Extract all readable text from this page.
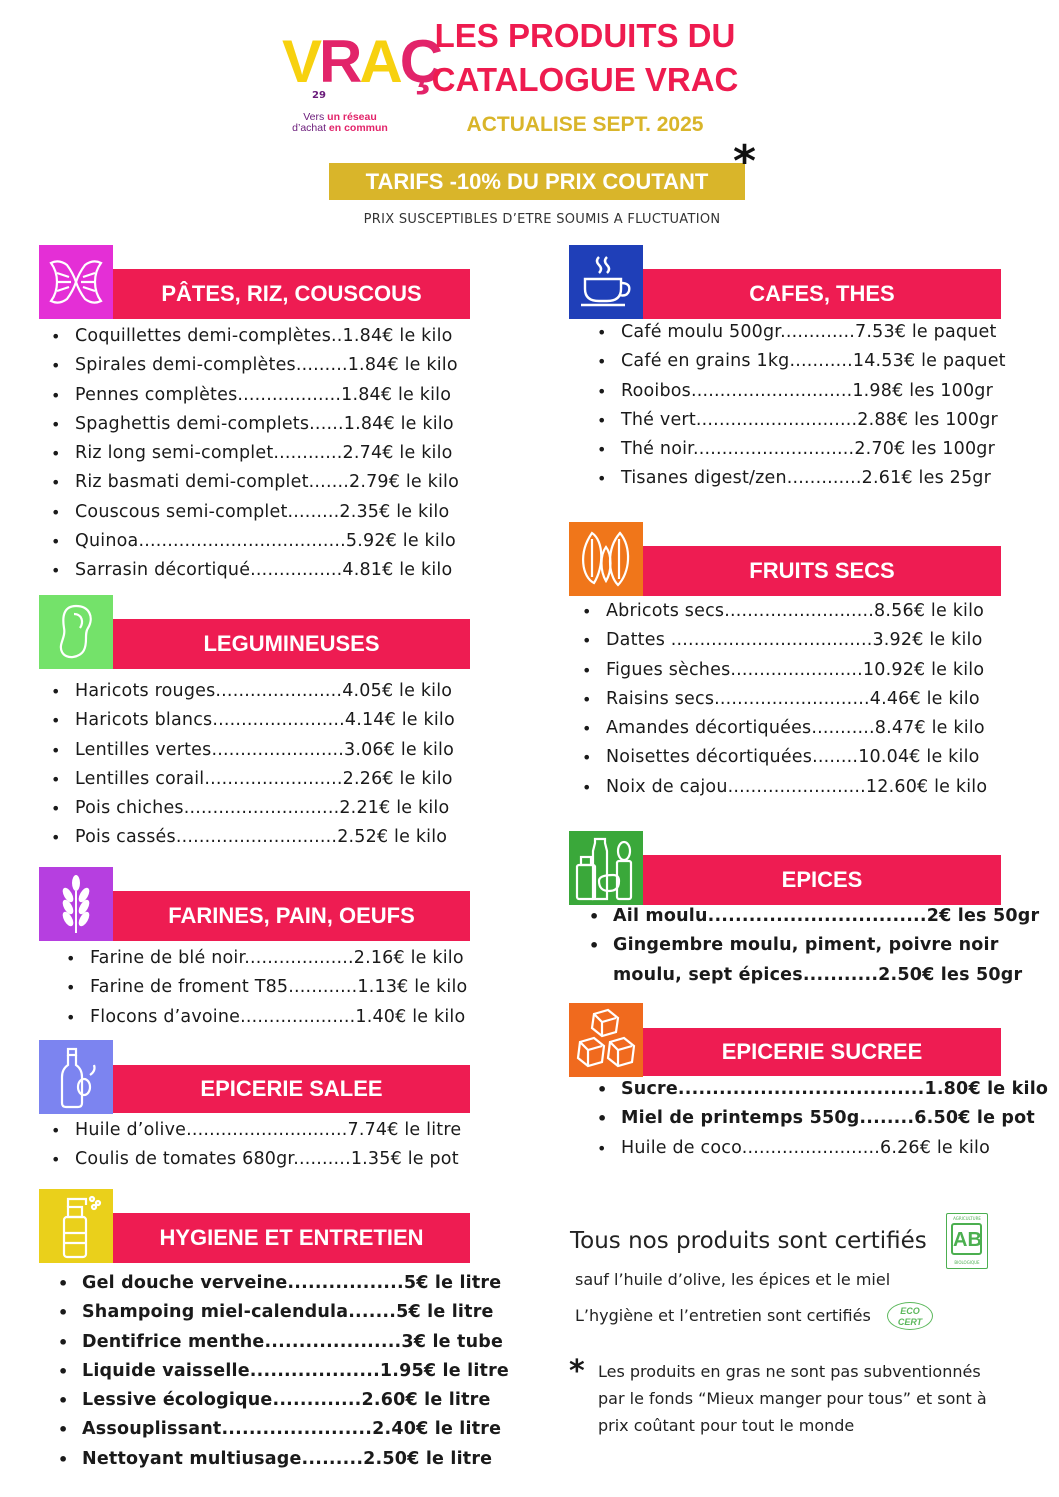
VRAÇ
29
Vers un réseau
d’achat en commun
LES PRODUITS DU
CATALOGUE VRAC
ACTUALISE SEPT. 2025
TARIFS -10% DU PRIX COUTANT *
PRIX SUSCEPTIBLES D’ETRE SOUMIS A FLUCTUATION
PÂTES, RIZ, COUSCOUS
• Coquillettes demi-complètes..1.84€ le kilo
• Spirales demi-complètes.........1.84€ le kilo
• Pennes complètes..................1.84€ le kilo
• Spaghettis demi-complets......1.84€ le kilo
• Riz long semi-complet............2.74€ le kilo
• Riz basmati demi-complet.......2.79€ le kilo
• Couscous semi-complet.........2.35€ le kilo
• Quinoa....................................5.92€ le kilo
• Sarrasin décortiqué................4.81€ le kilo
LEGUMINEUSES
• Haricots rouges......................4.05€ le kilo
• Haricots blancs.......................4.14€ le kilo
• Lentilles vertes.......................3.06€ le kilo
• Lentilles corail........................2.26€ le kilo
• Pois chiches...........................2.21€ le kilo
• Pois cassés............................2.52€ le kilo
FARINES, PAIN, OEUFS
• Farine de blé noir...................2.16€ le kilo
• Farine de froment T85............1.13€ le kilo
• Flocons d’avoine....................1.40€ le kilo
EPICERIE SALEE
• Huile d’olive............................7.74€ le litre
• Coulis de tomates 680gr..........1.35€ le pot
HYGIENE ET ENTRETIEN
• Gel douche verveine.................5€ le litre
• Shampoing miel-calendula.......5€ le litre
• Dentifrice menthe....................3€ le tube
• Liquide vaisselle...................1.95€ le litre
• Lessive écologique.............2.60€ le litre
• Assouplissant......................2.40€ le litre
• Nettoyant multiusage.........2.50€ le litre
CAFES, THES
• Café moulu 500gr.............7.53€ le paquet
• Café en grains 1kg...........14.53€ le paquet
• Rooibos............................1.98€ les 100gr
• Thé vert............................2.88€ les 100gr
• Thé noir............................2.70€ les 100gr
• Tisanes digest/zen.............2.61€ les 25gr
FRUITS SECS
• Abricots secs..........................8.56€ le kilo
• Dattes ...................................3.92€ le kilo
• Figues sèches.......................10.92€ le kilo
• Raisins secs...........................4.46€ le kilo
• Amandes décortiquées...........8.47€ le kilo
• Noisettes décortiquées........10.04€ le kilo
• Noix de cajou........................12.60€ le kilo
EPICES
• Ail moulu................................2€ les 50gr
• Gingembre moulu, piment, poivre noir
moulu, sept épices...........2.50€ les 50gr
EPICERIE SUCREE
• Sucre....................................1.80€ le kilo
• Miel de printemps 550g........6.50€ le pot
• Huile de coco........................6.26€ le kilo
Tous nos produits sont certifiés
AGRICULTURE
AB
BIOLOGIQUE
sauf l’huile d’olive, les épices et le miel
L’hygiène et l’entretien sont certifiés	ECO
CERT
* Les produits en gras ne sont pas subventionnés par le fonds “Mieux manger pour tous” et sont à prix coûtant pour tout le monde
